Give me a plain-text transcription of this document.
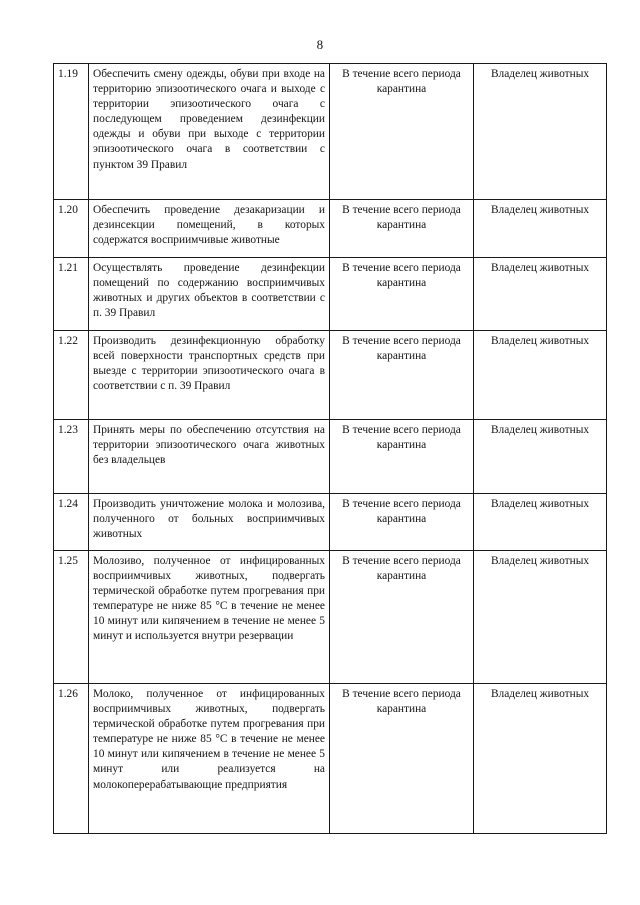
8
1.19	Обеспечить смену одежды, обуви при входе на территорию эпизоотического очага и выходе с территории эпизоотического очага с последующем проведением дезинфекции одежды и обуви при выходе с территории эпизоотического очага в соответствии с пунктом 39 Правил	В течение всего периода карантина	Владелец животных
1.20	Обеспечить проведение дезакаризации и дезинсекции помещений, в которых содержатся восприимчивые животные	В течение всего периода карантина	Владелец животных
1.21	Осуществлять проведение дезинфекции помещений по содержанию восприимчивых животных и других объектов в соответствии с п. 39 Правил	В течение всего периода карантина	Владелец животных
1.22	Производить дезинфекционную обработку всей поверхности транспортных средств при выезде с территории эпизоотического очага в соответствии с п. 39 Правил	В течение всего периода карантина	Владелец животных
1.23	Принять меры по обеспечению отсутствия на территории эпизоотического очага животных без владельцев	В течение всего периода карантина	Владелец животных
1.24	Производить уничтожение молока и молозива, полученного от больных восприимчивых животных	В течение всего периода карантина	Владелец животных
1.25	Молозиво, полученное от инфицированных восприимчивых животных, подвергать термической обработке путем прогревания при температуре не ниже 85 °С в течение не менее 10 минут или кипячением в течение не менее 5 минут и используется внутри резервации	В течение всего периода карантина	Владелец животных
1.26	Молоко, полученное от инфицированных восприимчивых животных, подвергать термической обработке путем прогревания при температуре не ниже 85 °С в течение не менее 10 минут или кипячением в течение не менее 5 минут или реализуется на молокоперерабатывающие предприятия	В течение всего периода карантина	Владелец животных
